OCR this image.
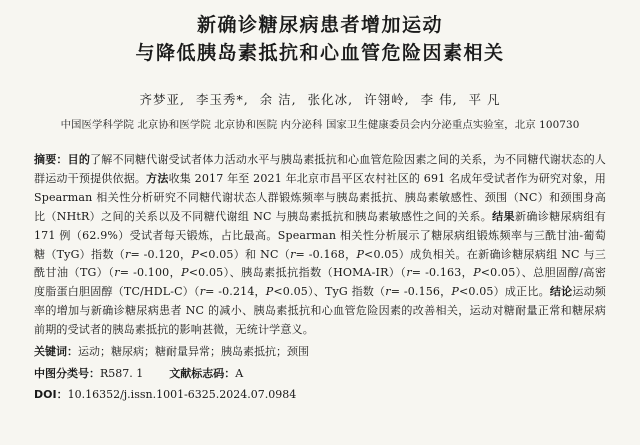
新确诊糖尿病患者增加运动
与降低胰岛素抵抗和心血管危险因素相关
齐梦亚, 李玉秀*, 余 洁, 张化冰, 许翎岭, 李 伟, 平 凡
中国医学科学院 北京协和医学院 北京协和医院 内分泌科 国家卫生健康委员会内分泌重点实验室，北京 100730
摘要：目的了解不同糖代谢受试者体力活动水平与胰岛素抵抗和心血管危险因素之间的关系，为不同糖代谢状态的人群运动干预提供依据。方法收集 2017 年至 2021 年北京市昌平区农村社区的 691 名成年受试者作为研究对象，用 Spearman 相关性分析研究不同糖代谢状态人群锻炼频率与胰岛素抵抗、胰岛素敏感性、颈围（NC）和颈围身高比（NHtR）之间的关系以及不同糖代谢组 NC 与胰岛素抵抗和胰岛素敏感性之间的关系。结果新确诊糖尿病组有 171 例（62.9%）受试者每天锻炼，占比最高。Spearman 相关性分析展示了糖尿病组锻炼频率与三酰甘油-葡萄糖（TyG）指数（r= -0.120，P<0.05）和 NC（r= -0.168，P<0.05）成负相关。在新确诊糖尿病组 NC 与三酰甘油（TG）（r= -0.100，P<0.05）、胰岛素抵抗指数（HOMA-IR）（r= -0.163，P<0.05）、总胆固醇/高密度脂蛋白胆固醇（TC/HDL-C）（r= -0.214，P<0.05）、TyG 指数（r= -0.156，P<0.05）成正比。结论运动频率的增加与新确诊糖尿病患者 NC 的减小、胰岛素抵抗和心血管危险因素的改善相关，运动对糖耐量正常和糖尿病前期的受试者的胰岛素抵抗的影响甚微，无统计学意义。
关键词：运动；糖尿病；糖耐量异常；胰岛素抵抗；颈围
中图分类号：R587. 1 文献标志码：A
DOI：10.16352/j.issn.1001-6325.2024.07.0984
